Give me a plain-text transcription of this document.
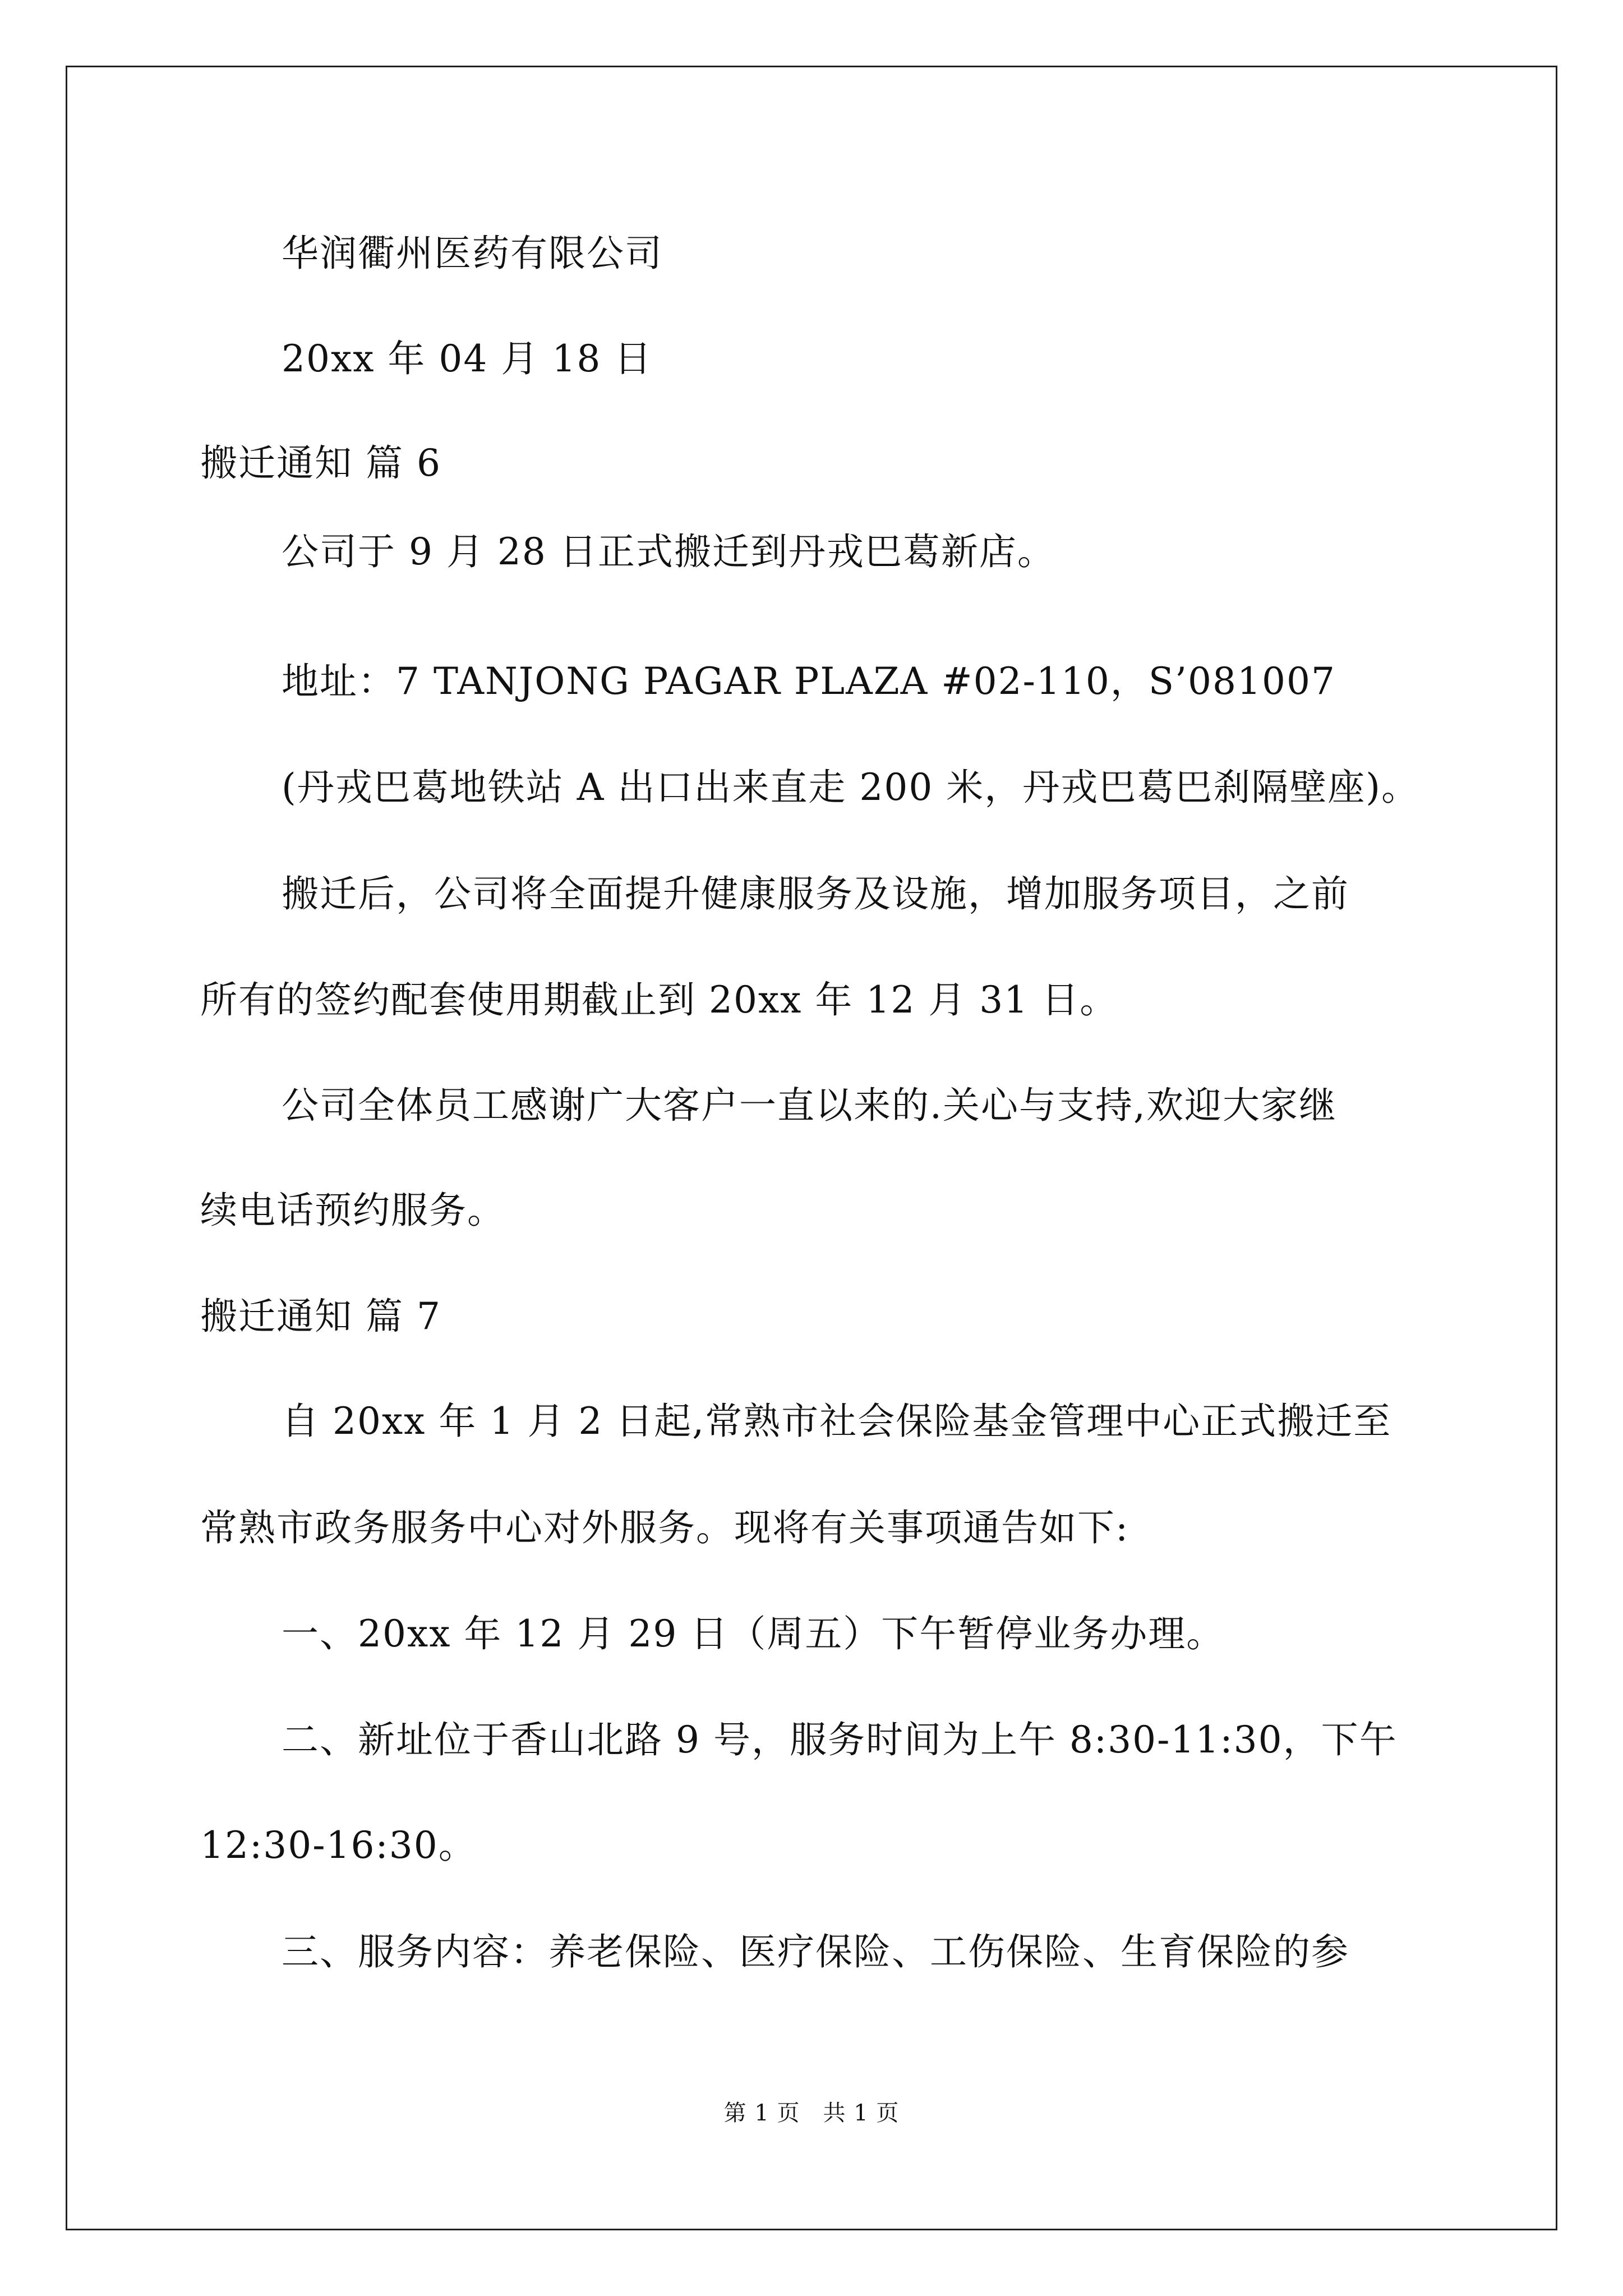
华润衢州医药有限公司
20xx 年 04 月 18 日
搬迁通知 篇 6
公司于 9 月 28 日正式搬迁到丹戎巴葛新店。
地址：7 TANJONG PAGAR PLAZA #02-110，S’081007
(丹戎巴葛地铁站 A 出口出来直走 200 米，丹戎巴葛巴刹隔壁座)。
搬迁后，公司将全面提升健康服务及设施，增加服务项目，之前
所有的签约配套使用期截止到 20xx 年 12 月 31 日。
公司全体员工感谢广大客户一直以来的.关心与支持,欢迎大家继
续电话预约服务。
搬迁通知 篇 7
自 20xx 年 1 月 2 日起,常熟市社会保险基金管理中心正式搬迁至
常熟市政务服务中心对外服务。现将有关事项通告如下:
一、20xx 年 12 月 29 日（周五）下午暂停业务办理。
二、新址位于香山北路 9 号，服务时间为上午 8:30-11:30，下午
12:30-16:30。
三、服务内容：养老保险、医疗保险、工伤保险、生育保险的参
第 1 页　共 1 页
